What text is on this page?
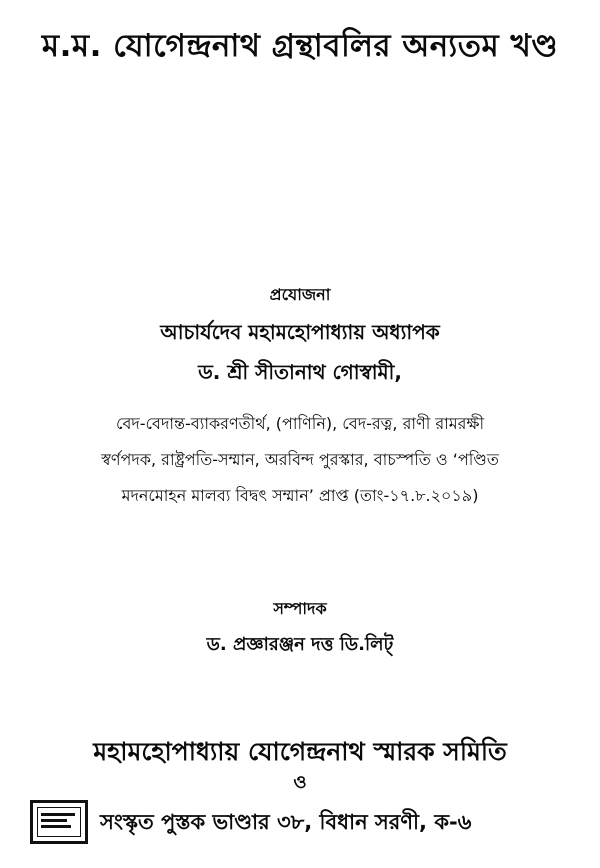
ম.ম. যোগেন্দ্রনাথ গ্রন্থাবলির অন্যতম খণ্ড
প্রযোজনা
আচার্যদেব মহামহোপাধ্যায় অধ্যাপক
ড. শ্রী সীতানাথ গোস্বামী,
বেদ-বেদান্ত-ব্যাকরণতীর্থ, (পাণিনি), বেদ-রত্ন, রাণী রামরক্ষী
স্বর্ণপদক, রাষ্ট্রপতি-সম্মান, অরবিন্দ পুরস্কার, বাচস্পতি ও ‘পণ্ডিত
মদনমোহন মালব্য বিদ্বৎ সম্মান’ প্রাপ্ত (তাং-১৭.৮.২০১৯)
সম্পাদক
ড. প্রজ্ঞারঞ্জন দত্ত ডি.লিট্
মহামহোপাধ্যায় যোগেন্দ্রনাথ স্মারক সমিতি
ও
সংস্কৃত পুস্তক ভাণ্ডার ৩৮, বিধান সরণী, ক-৬
